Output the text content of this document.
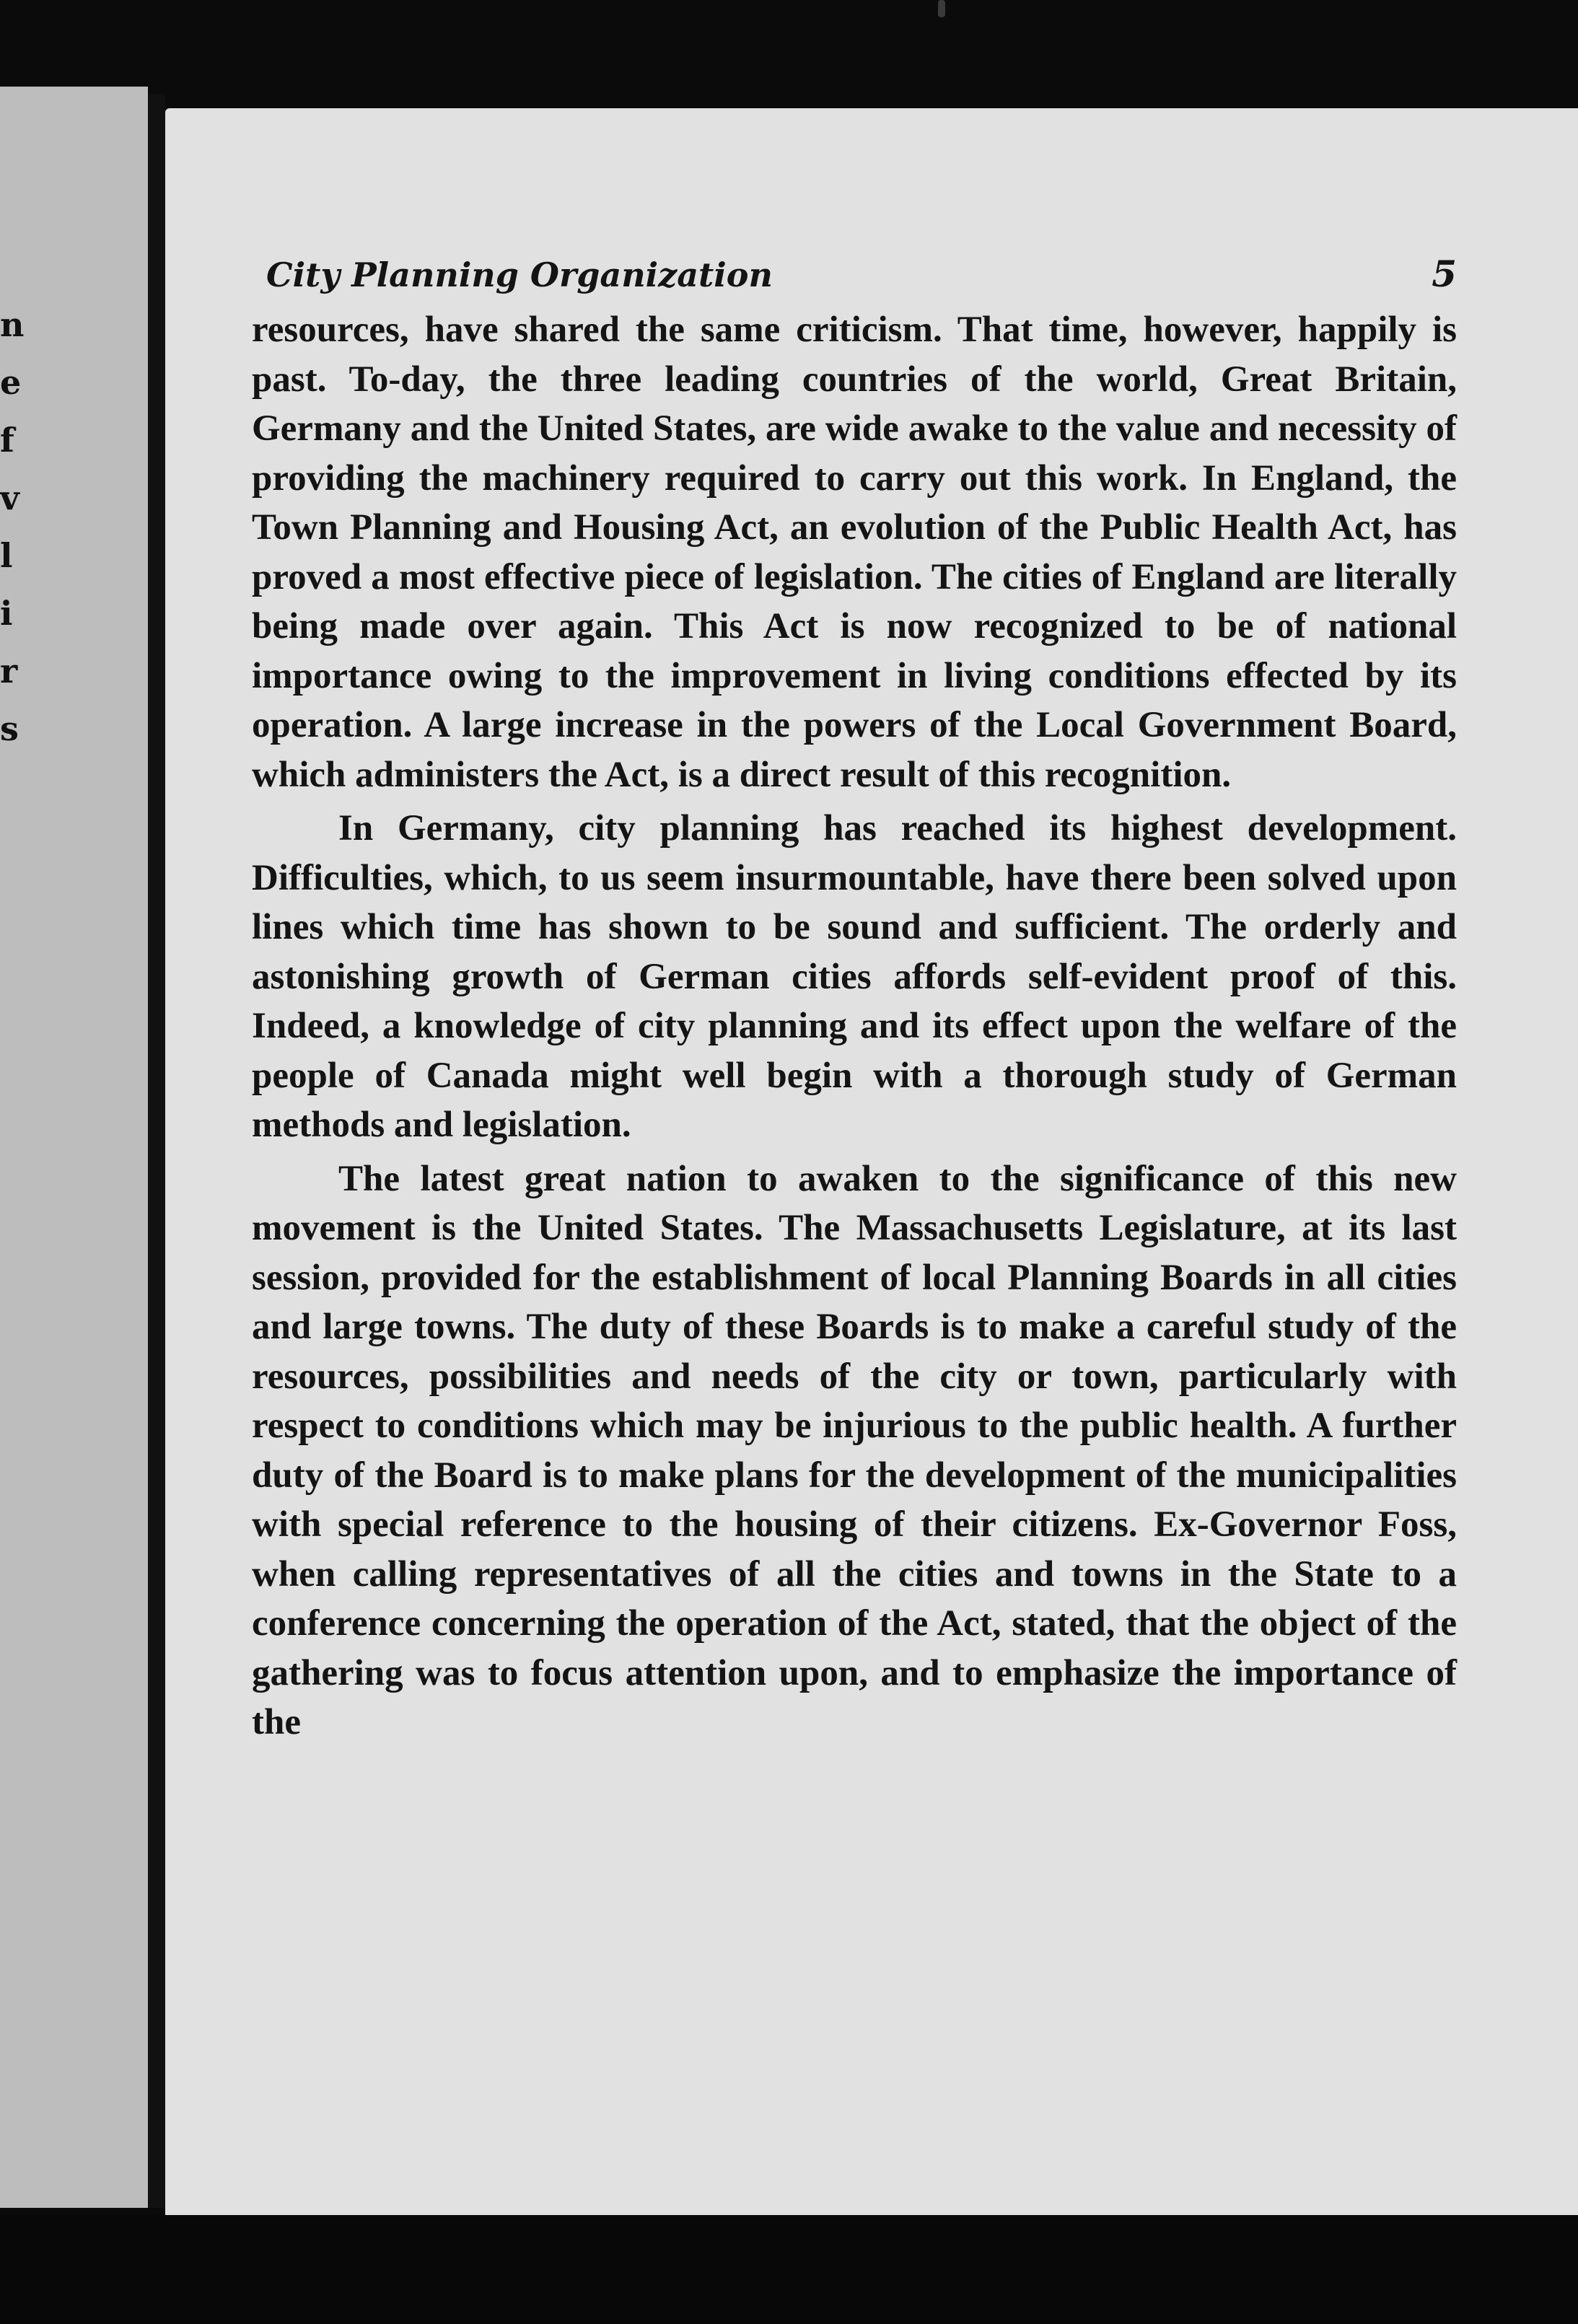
n
e
f
v
l
i
r
s
City Planning Organization	5

resources, have shared the same criticism. That time, however, happily is past. To-day, the three leading countries of the world, Great Britain, Germany and the United States, are wide awake to the value and necessity of providing the machinery required to carry out this work. In England, the Town Planning and Housing Act, an evolution of the Public Health Act, has proved a most effective piece of legislation. The cities of England are literally being made over again. This Act is now recognized to be of national importance owing to the improvement in living conditions effected by its operation. A large increase in the powers of the Local Government Board, which administers the Act, is a direct result of this recognition.

In Germany, city planning has reached its highest development. Difficulties, which, to us seem insurmountable, have there been solved upon lines which time has shown to be sound and sufficient. The orderly and astonishing growth of German cities affords self-evident proof of this. Indeed, a knowledge of city planning and its effect upon the welfare of the people of Canada might well begin with a thorough study of German methods and legislation.

The latest great nation to awaken to the significance of this new movement is the United States. The Massachusetts Legislature, at its last session, provided for the establishment of local Planning Boards in all cities and large towns. The duty of these Boards is to make a careful study of the resources, possibilities and needs of the city or town, particularly with respect to conditions which may be injurious to the public health. A further duty of the Board is to make plans for the development of the municipalities with special reference to the housing of their citizens. Ex-Governor Foss, when calling representatives of all the cities and towns in the State to a conference concerning the operation of the Act, stated, that the object of the gathering was to focus attention upon, and to emphasize the importance of the
